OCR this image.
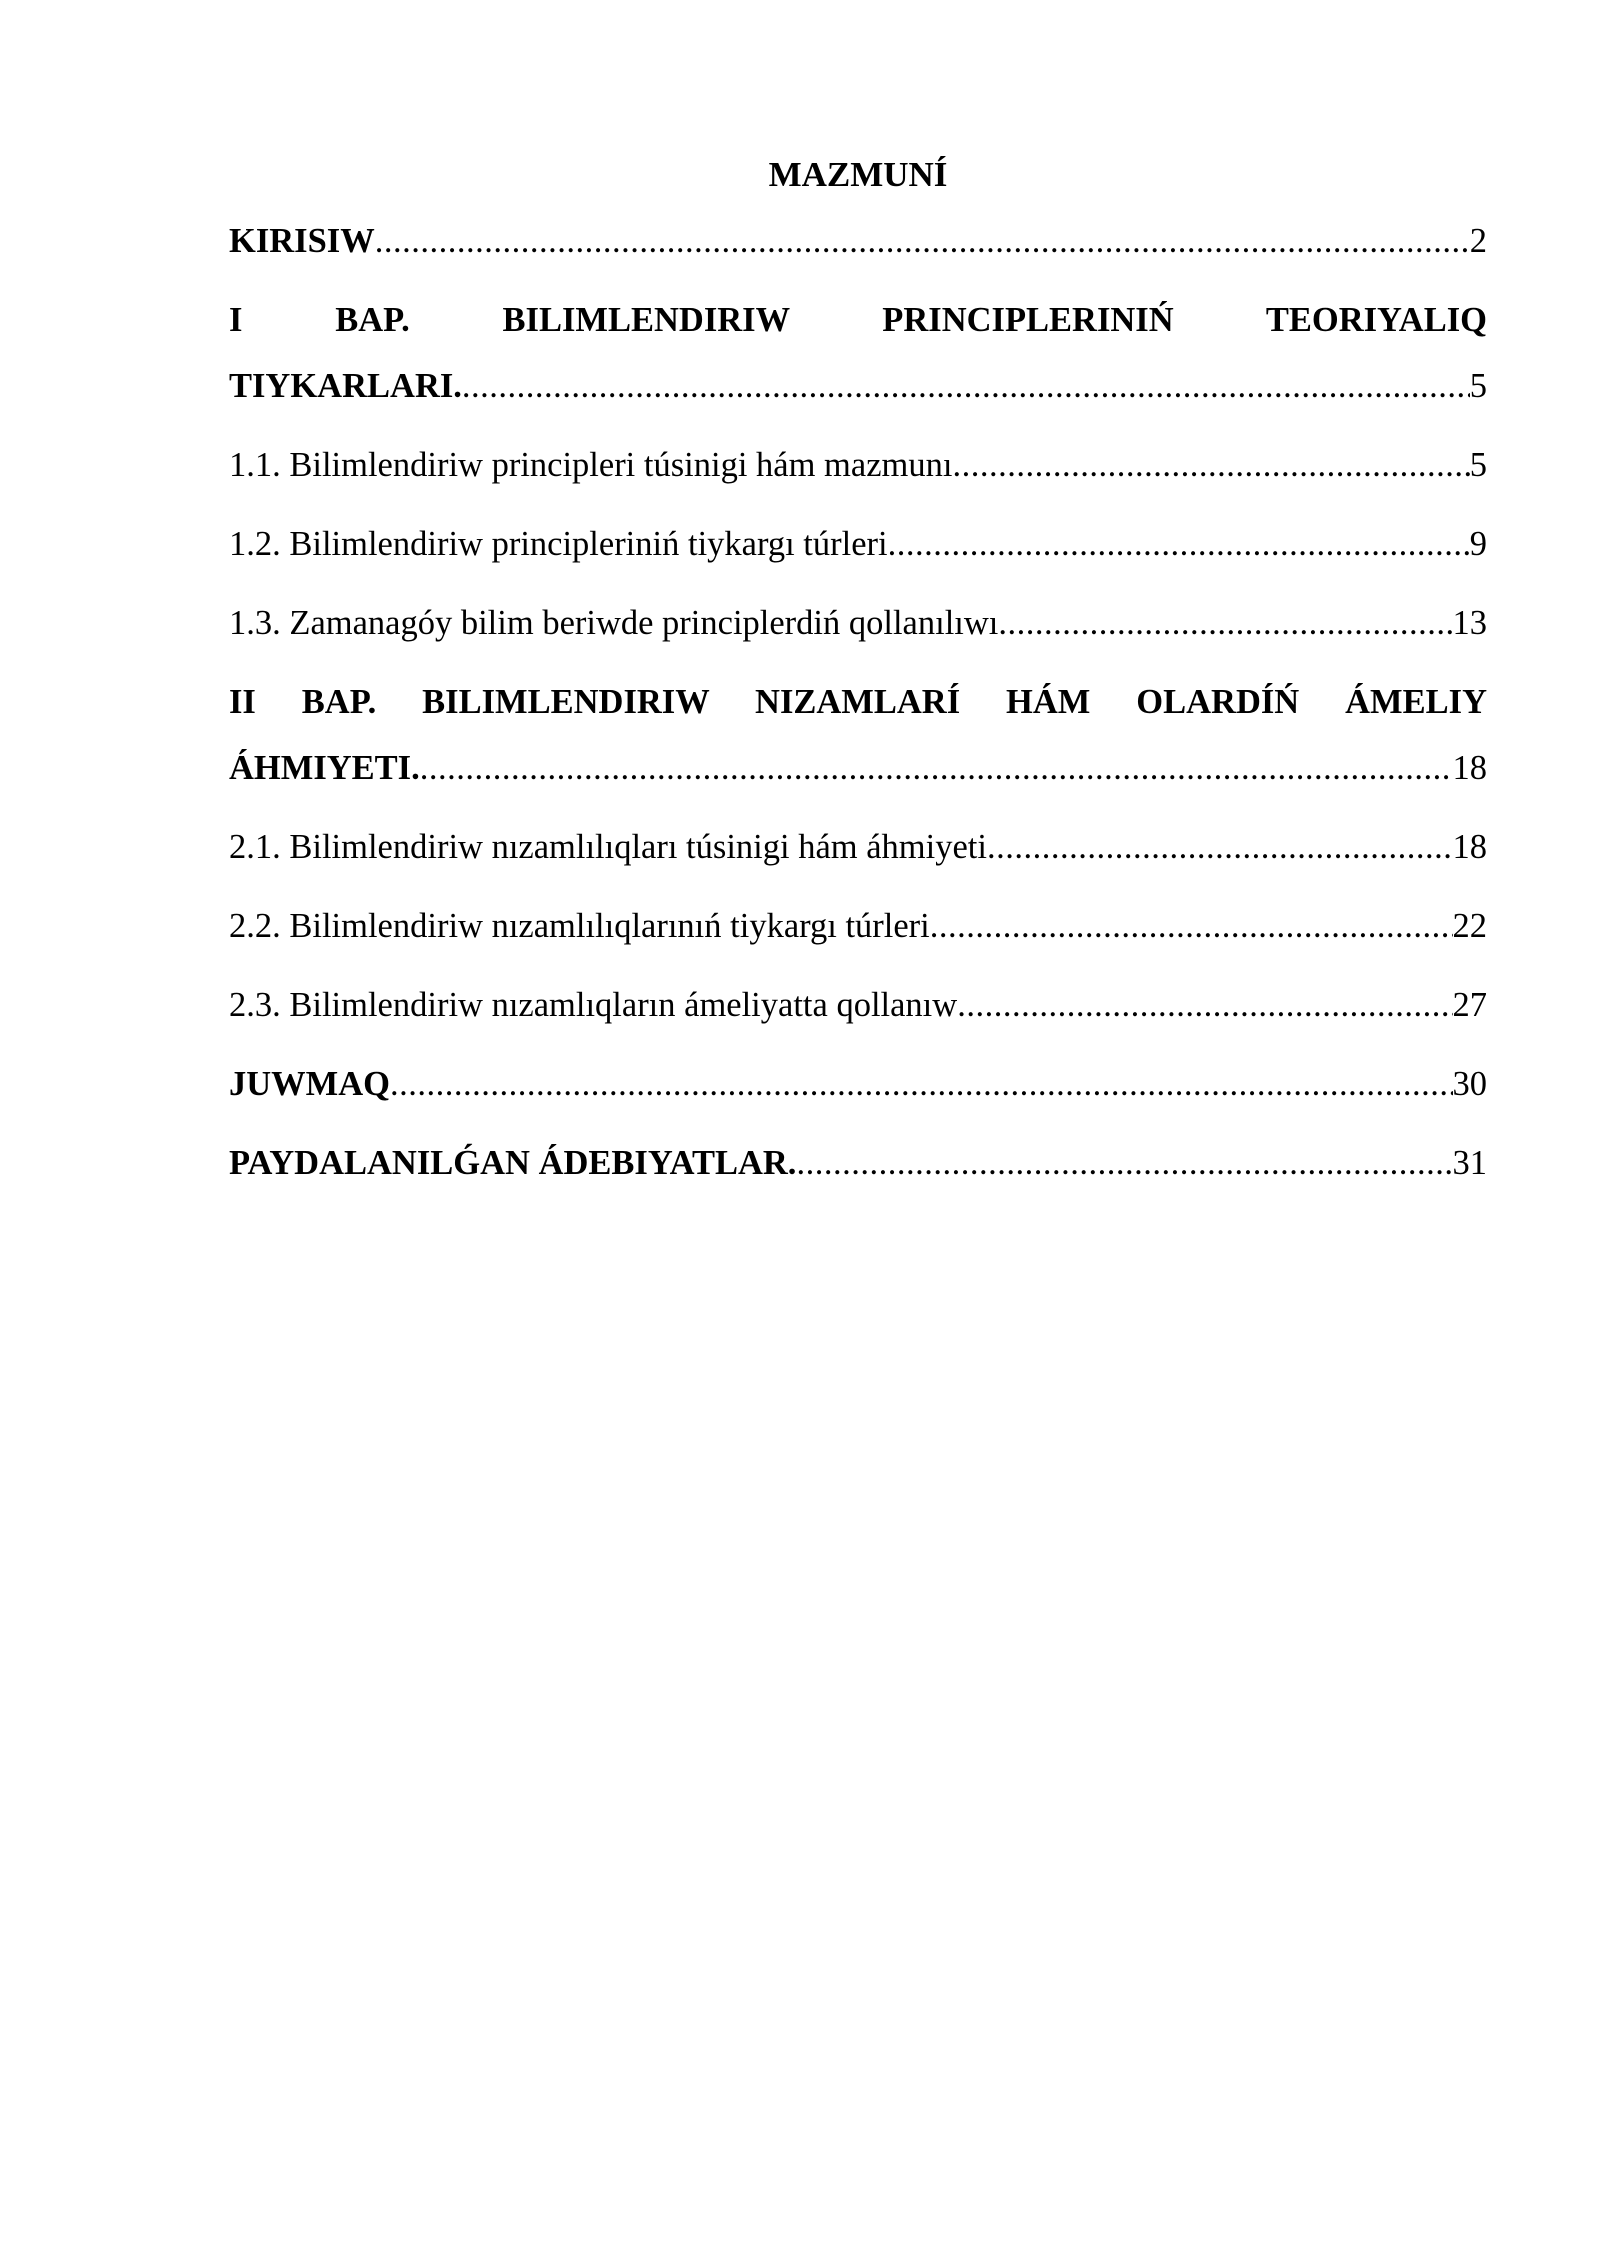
MAZMUNÍ
KIRISIW .....	2
I BAP. BILIMLENDIRIW PRINCIPLERINIŃ TEORIYALIQ
TIYKARLARI. .....	5
1.1. Bilimlendiriw principleri túsinigi hám mazmunı .....	5
1.2. Bilimlendiriw principleriniń tiykargı túrleri .....	9
1.3. Zamanagóy bilim beriwde principlerdiń qollanılıwı .....	13
II BAP. BILIMLENDIRIW NIZAMLARÍ HÁM OLARDÍŃ ÁMELIY
ÁHMIYETI. .....	18
2.1. Bilimlendiriw nızamlılıqları túsinigi hám áhmiyeti .....	18
2.2. Bilimlendiriw nızamlılıqlarınıń tiykargı túrleri .....	22
2.3. Bilimlendiriw nızamlıqların ámeliyatta qollanıw .....	27
JUWMAQ .....	30
PAYDALANILǴAN ÁDEBIYATLAR. .....	31
